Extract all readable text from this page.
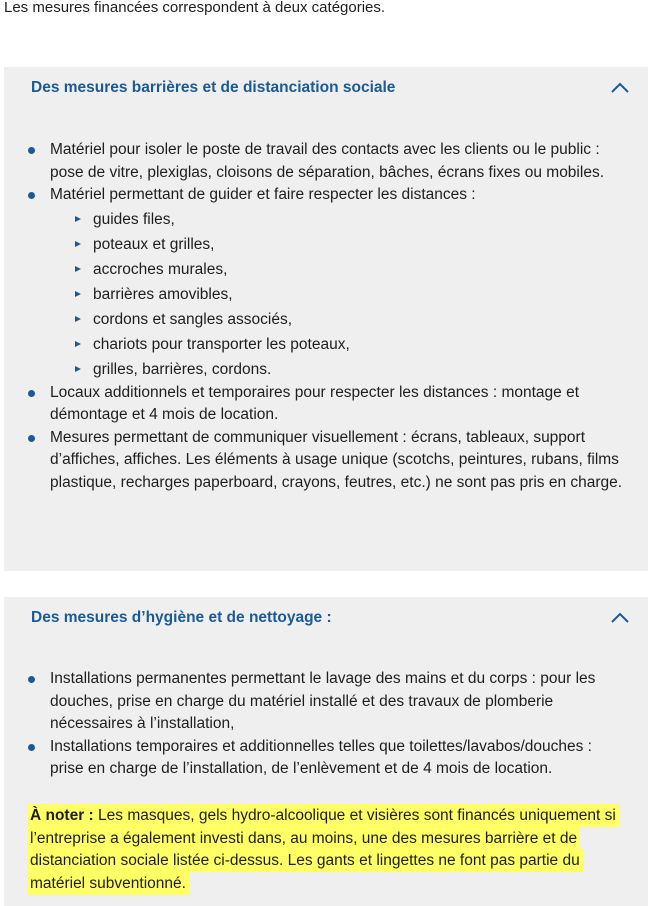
Les mesures financées correspondent à deux catégories.
Des mesures barrières et de distanciation sociale
Matériel pour isoler le poste de travail des contacts avec les clients ou le public : pose de vitre, plexiglas, cloisons de séparation, bâches, écrans fixes ou mobiles.
Matériel permettant de guider et faire respecter les distances :
guides files,
poteaux et grilles,
accroches murales,
barrières amovibles,
cordons et sangles associés,
chariots pour transporter les poteaux,
grilles, barrières, cordons.
Locaux additionnels et temporaires pour respecter les distances : montage et démontage et 4 mois de location.
Mesures permettant de communiquer visuellement : écrans, tableaux, support d’affiches, affiches. Les éléments à usage unique (scotchs, peintures, rubans, films plastique, recharges paperboard, crayons, feutres, etc.) ne sont pas pris en charge.
Des mesures d’hygiène et de nettoyage :
Installations permanentes permettant le lavage des mains et du corps : pour les douches, prise en charge du matériel installé et des travaux de plomberie nécessaires à l’installation,
Installations temporaires et additionnelles telles que toilettes/lavabos/douches : prise en charge de l’installation, de l’enlèvement et de 4 mois de location.
À noter : Les masques, gels hydro-alcoolique et visières sont financés uniquement si l’entreprise a également investi dans, au moins, une des mesures barrière et de distanciation sociale listée ci-dessus. Les gants et lingettes ne font pas partie du matériel subventionné.
